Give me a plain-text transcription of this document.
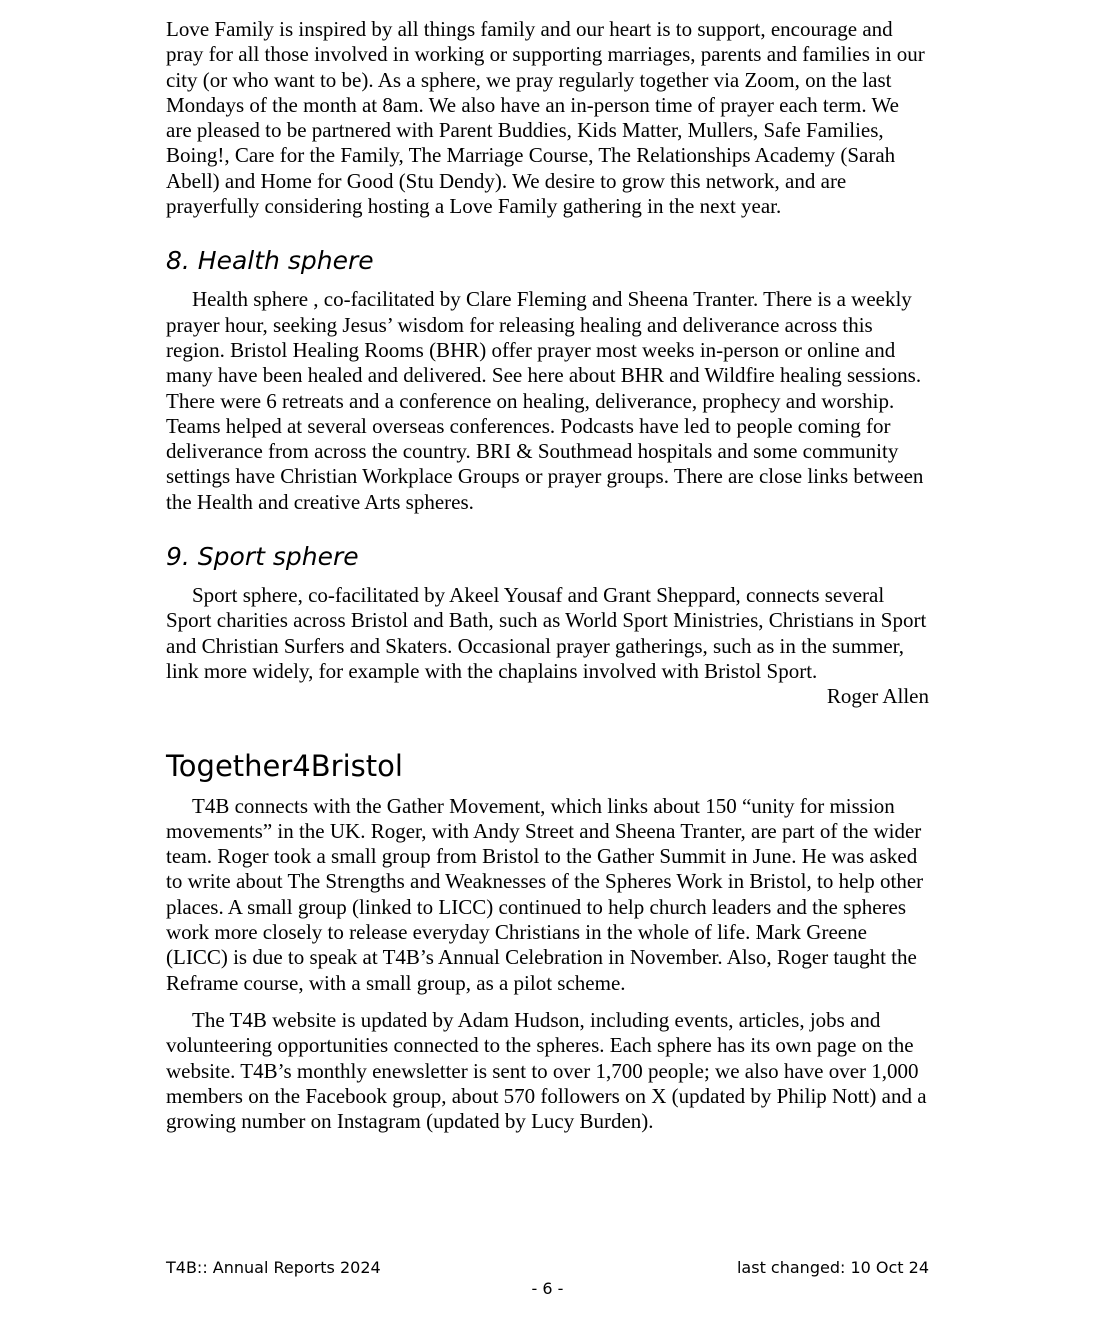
Love Family is inspired by all things family and our heart is to support, encourage and pray for all those involved in working or supporting marriages, parents and families in our city (or who want to be). As a sphere, we pray regularly together via Zoom, on the last Mondays of the month at 8am. We also have an in-person time of prayer each term. We are pleased to be partnered with Parent Buddies, Kids Matter, Mullers, Safe Families, Boing!, Care for the Family, The Marriage Course, The Relationships Academy (Sarah Abell) and Home for Good (Stu Dendy). We desire to grow this network, and are prayerfully considering hosting a Love Family gathering in the next year.

8. Health sphere

Health sphere , co-facilitated by Clare Fleming and Sheena Tranter. There is a weekly prayer hour, seeking Jesus’ wisdom for releasing healing and deliverance across this region. Bristol Healing Rooms (BHR) offer prayer most weeks in-person or online and many have been healed and delivered. See here about BHR and Wildfire healing sessions. There were 6 retreats and a conference on healing, deliverance, prophecy and worship. Teams helped at several overseas conferences. Podcasts have led to people coming for deliverance from across the country. BRI & Southmead hospitals and some community settings have Christian Workplace Groups or prayer groups. There are close links between the Health and creative Arts spheres.

9. Sport sphere

Sport sphere, co-facilitated by Akeel Yousaf and Grant Sheppard, connects several Sport charities across Bristol and Bath, such as World Sport Ministries, Christians in Sport and Christian Surfers and Skaters. Occasional prayer gatherings, such as in the summer, link more widely, for example with the chaplains involved with Bristol Sport.

Roger Allen
Together4Bristol

T4B connects with the Gather Movement, which links about 150 “unity for mission movements” in the UK. Roger, with Andy Street and Sheena Tranter, are part of the wider team. Roger took a small group from Bristol to the Gather Summit in June. He was asked to write about The Strengths and Weaknesses of the Spheres Work in Bristol, to help other places. A small group (linked to LICC) continued to help church leaders and the spheres work more closely to release everyday Christians in the whole of life. Mark Greene (LICC) is due to speak at T4B’s Annual Celebration in November. Also, Roger taught the Reframe course, with a small group, as a pilot scheme.

The T4B website is updated by Adam Hudson, including events, articles, jobs and volunteering opportunities connected to the spheres. Each sphere has its own page on the website. T4B’s monthly enewsletter is sent to over 1,700 people; we also have over 1,000 members on the Facebook group, about 570 followers on X (updated by Philip Nott) and a growing number on Instagram (updated by Lucy Burden).

T4B:: Annual Reports 2024	last changed: 10 Oct 24
- 6 -
